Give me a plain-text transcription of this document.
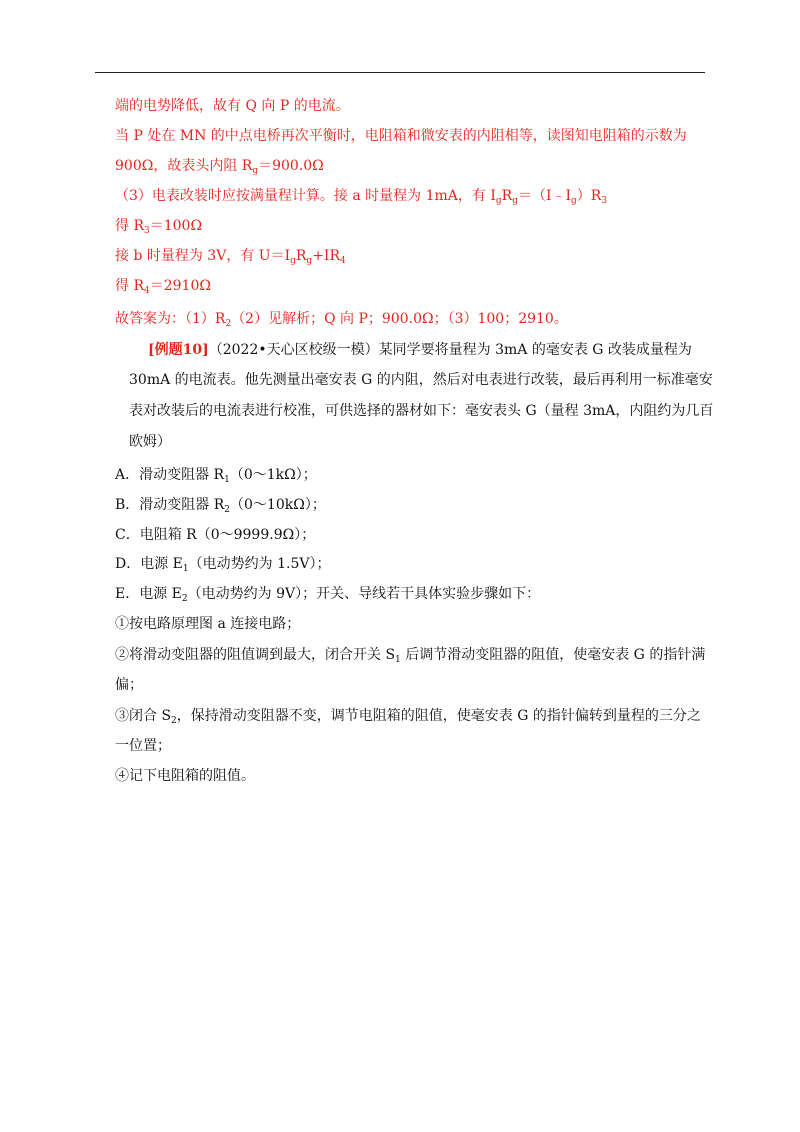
端的电势降低，故有 Q 向 P 的电流。
当 P 处在 MN 的中点电桥再次平衡时，电阻箱和微安表的内阻相等，读图知电阻箱的示数为
900Ω，故表头内阻 $R_g=900.0\Omega$
（3）电表改装时应按满量程计算。接 a 时量程为 1mA，有 $I_gR_g=(I﹣I_g)R_3$
得 $R_3=100\Omega$
接 b 时量程为 3V，有 $U=I_gR_g+IR_4$
得 $R_4=2910\Omega$
故答案为：$(1)R_2(2)$见解析；Q 向 P；900.0Ω；（3）100；2910。
[例题10]（2022•天心区校级一模）某同学要将量程为 3mA 的毫安表 G 改装成量程为
30mA 的电流表。他先测量出毫安表 G 的内阻，然后对电表进行改装，最后再利用一标准毫安
表对改装后的电流表进行校准，可供选择的器材如下：毫安表头 G（量程 3mA，内阻约为几百
欧姆）
A．滑动变阻器 $R_1(0\sim 1k\Omega)$；
B．滑动变阻器 $R_2(0\sim 10k\Omega)$；
C．电阻箱 R（0～9999.9Ω）；
D．电源 $E_1$（电动势约为 1.5V）；
E．电源 $E_2$（电动势约为 9V）；开关、导线若干具体实验步骤如下：
①按电路原理图 a 连接电路；
②将滑动变阻器的阻值调到最大，闭合开关 $S_1$ 后调节滑动变阻器的阻值，使毫安表 G 的指针满
偏；
③闭合 $S_2$，保持滑动变阻器不变，调节电阻箱的阻值，使毫安表 G 的指针偏转到量程的三分之
一位置；
④记下电阻箱的阻值。
